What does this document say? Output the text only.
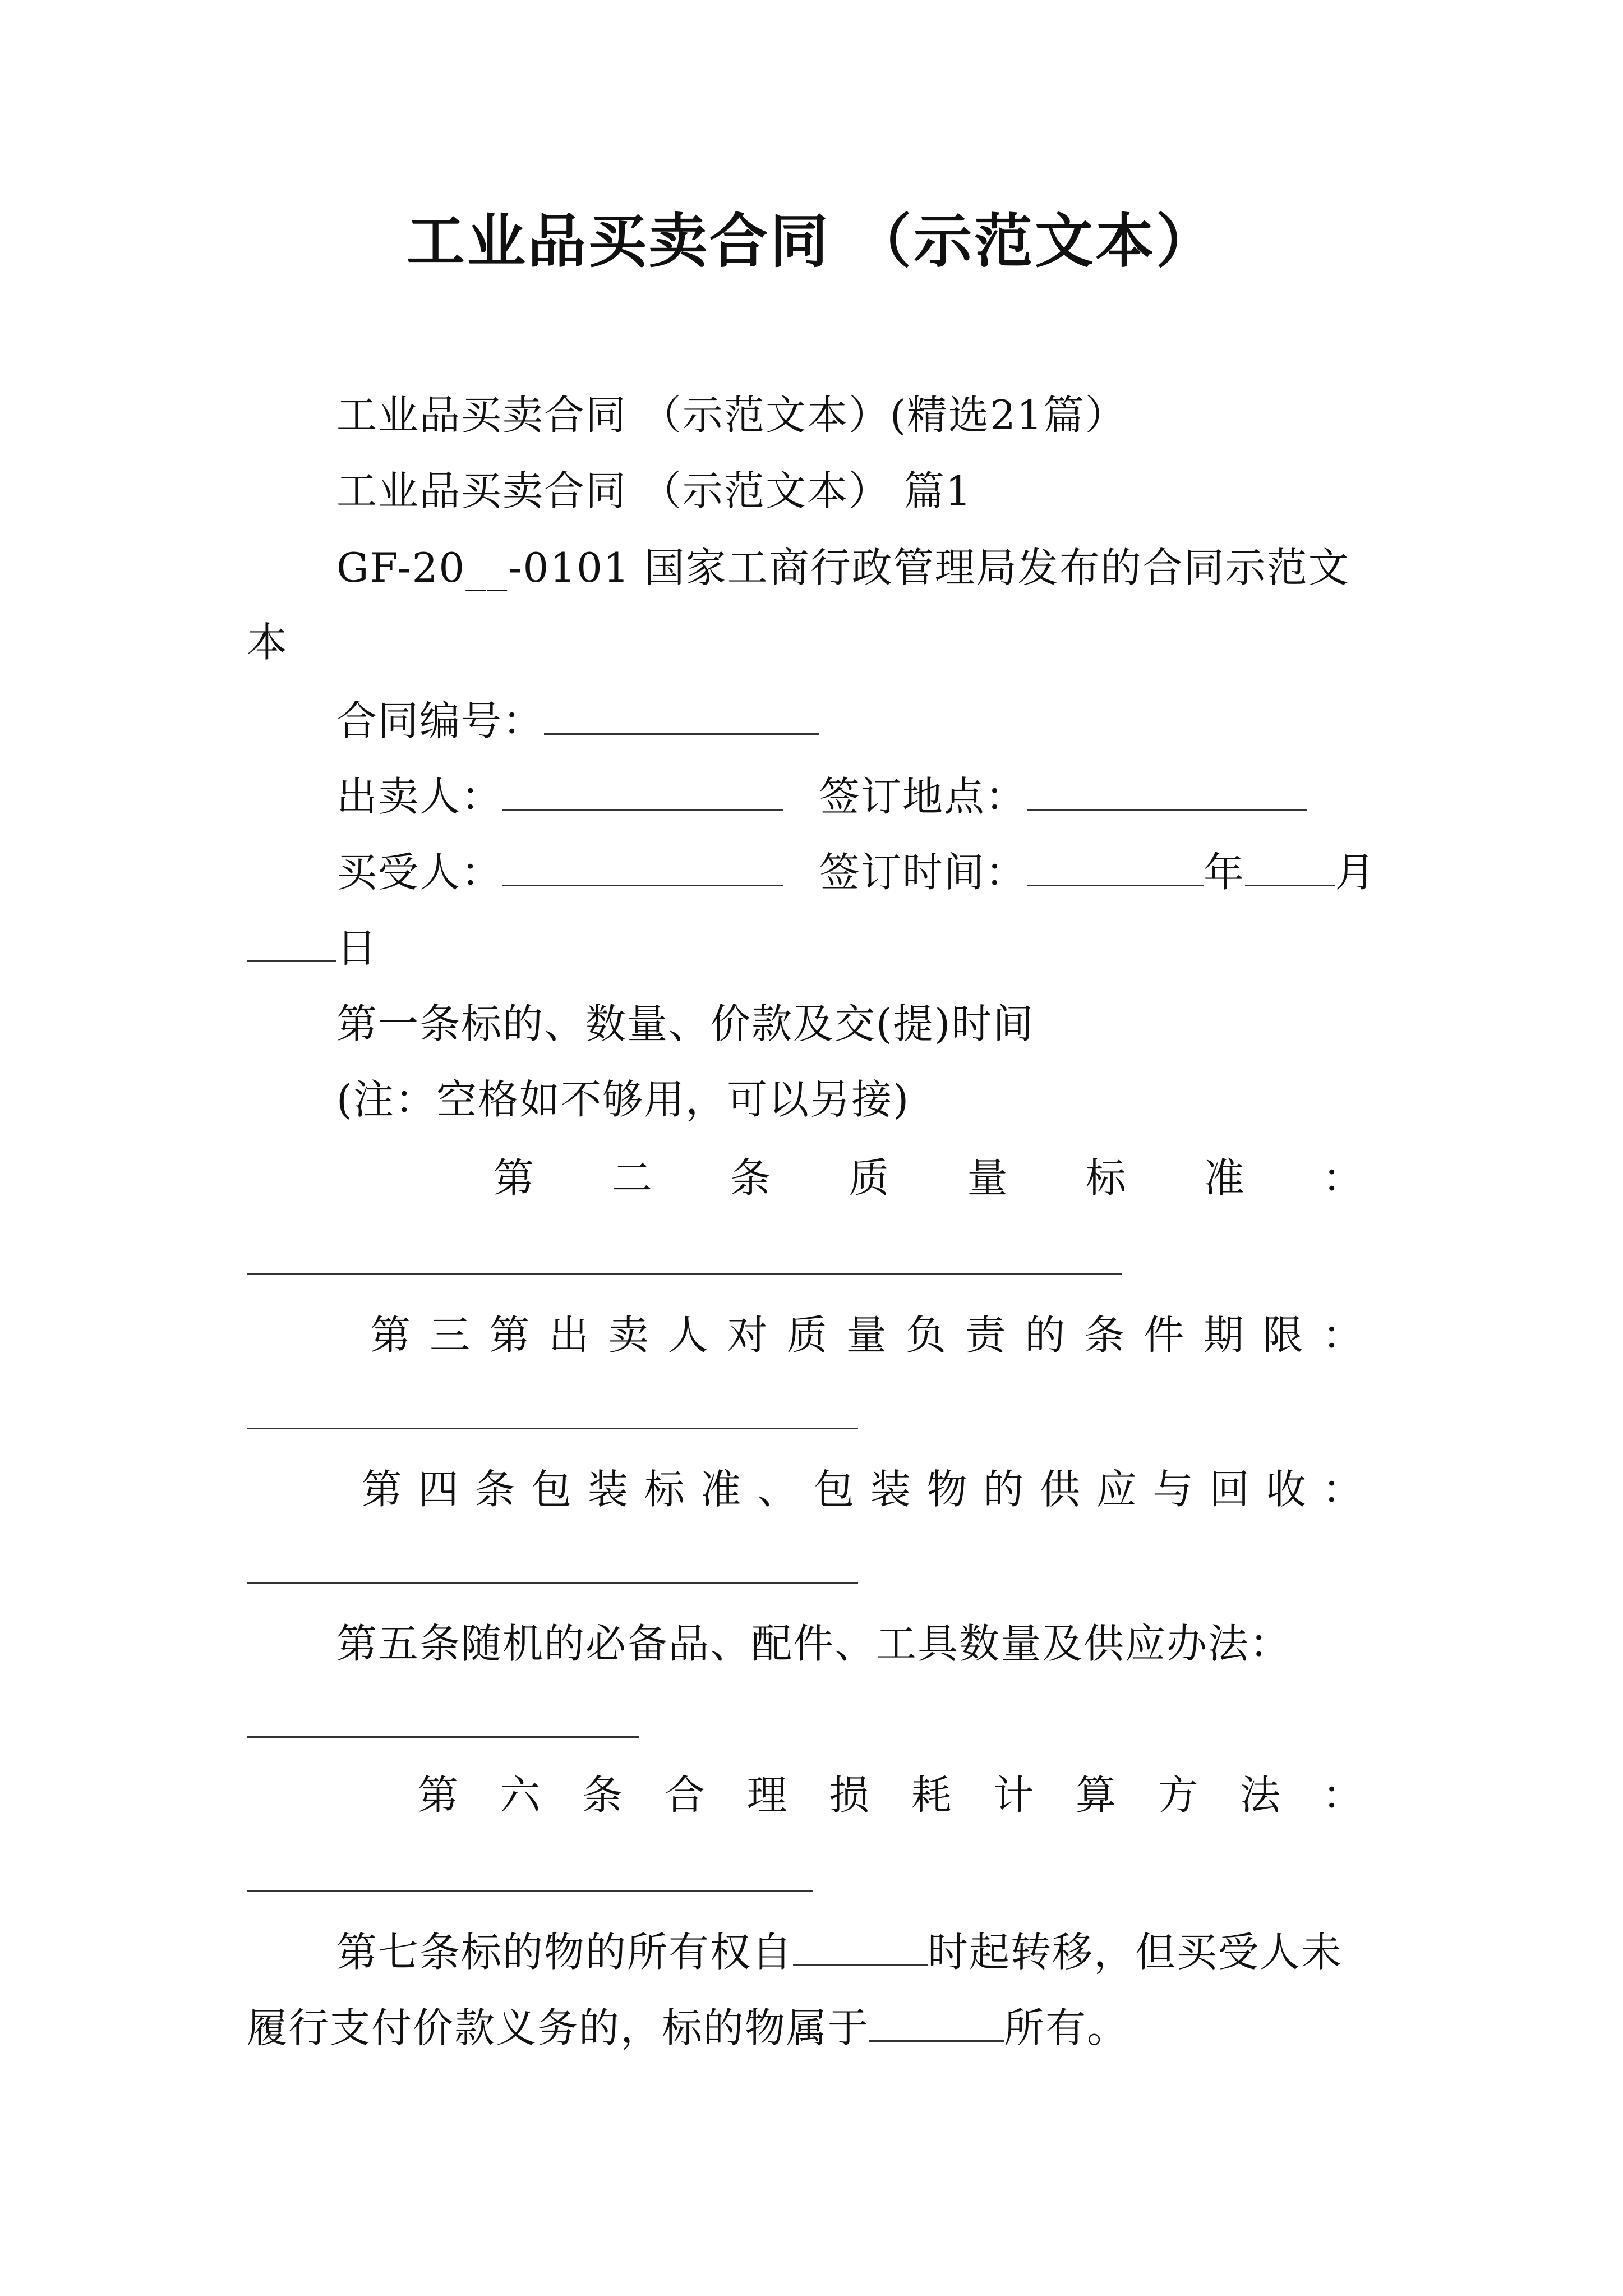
工业品买卖合同 （示范文本）
工业品买卖合同 （示范文本）(精选21篇）
工业品买卖合同 （示范文本） 篇1
GF-20__-0101 国家工商行政管理局发布的合同示范文
本
合同编号：
出卖人：	签订地点：
买受人：	签订时间：	年 月
日
第一条标的、数量、价款及交(提)时间
(注：空格如不够用，可以另接)
第 二 条 质 量 标 准 ：
第 三 第 出 卖 人 对 质 量 负 责 的 条 件 期 限 ：
第 四 条 包 装 标 准 、 包 装 物 的 供 应 与 回 收 ：
第五条随机的必备品、配件、工具数量及供应办法：
第 六 条 合 理 损 耗 计 算 方 法 ：
第七条标的物的所有权自	时起转移，但买受人未
履行支付价款义务的，标的物属于	所有。
